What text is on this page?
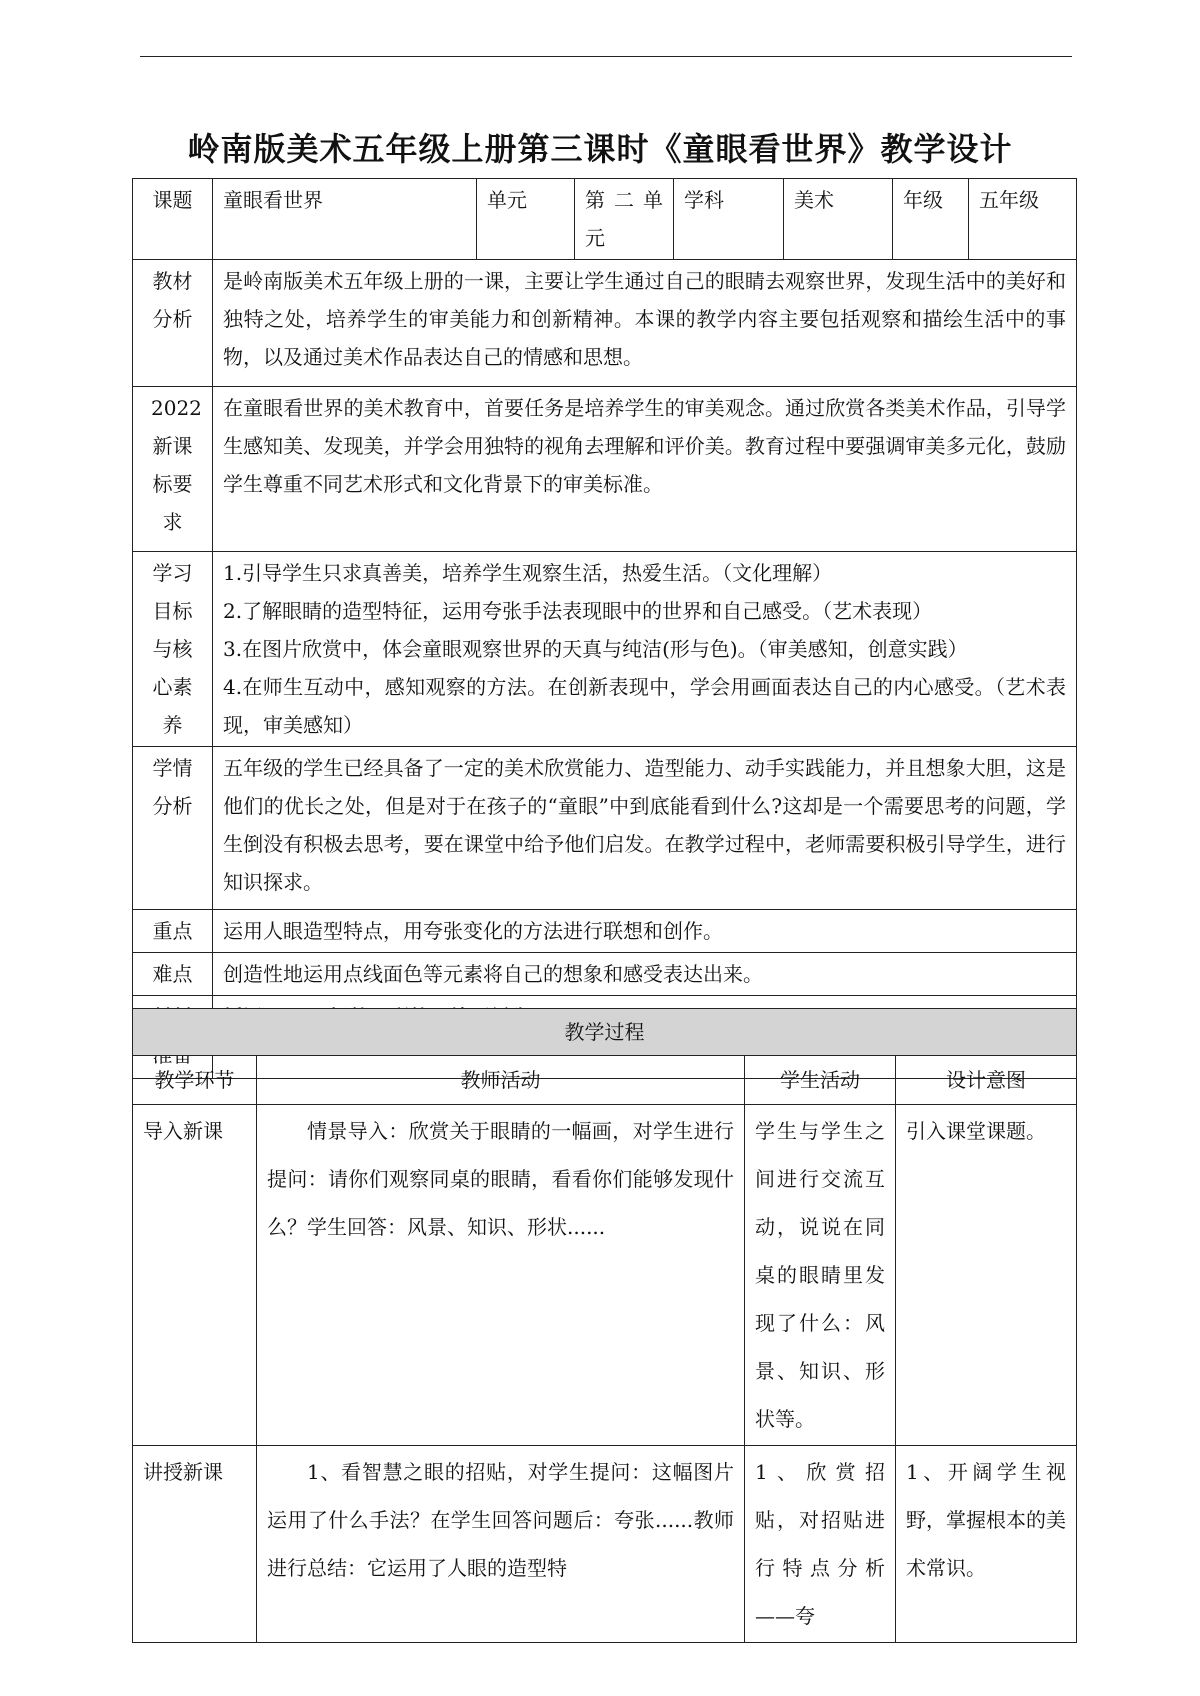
岭南版美术五年级上册第三课时《童眼看世界》教学设计
课题	童眼看世界	单元	第二单元	学科	美术	年级	五年级
教材分析	是岭南版美术五年级上册的一课，主要让学生通过自己的眼睛去观察世界，发现生活中的美好和独特之处，培养学生的审美能力和创新精神。本课的教学内容主要包括观察和描绘生活中的事物，以及通过美术作品表达自己的情感和思想。						
2022新课标要求	在童眼看世界的美术教育中，首要任务是培养学生的审美观念。通过欣赏各类美术作品，引导学生感知美、发现美，并学会用独特的视角去理解和评价美。教育过程中要强调审美多元化，鼓励学生尊重不同艺术形式和文化背景下的审美标准。						
学习目标与核心素养	1.引导学生只求真善美，培养学生观察生活，热爱生活。（文化理解）
2.了解眼睛的造型特征，运用夸张手法表现眼中的世界和自己感受。（艺术表现）
3.在图片欣赏中，体会童眼观察世界的天真与纯洁(形与色)。（审美感知，创意实践）
4.在师生互动中，感知观察的方法。在创新表现中，学会用画面表达自己的内心感受。（艺术表现，审美感知）						

学情分析	五年级的学生已经具备了一定的美术欣赏能力、造型能力、动手实践能力，并且想象大胆，这是他们的优长之处，但是对于在孩子的“童眼”中到底能看到什么?这却是一个需要思考的问题，学生倒没有积极去思考，要在课堂中给予他们启发。在教学过程中，老师需要积极引导学生，进行知识探求。						
重点	运用人眼造型特点，用夸张变化的方法进行联想和创作。						
难点	创造性地运用点线面色等元素将自己的想象和感受表达出来。						

教学过程			
教学环节	教师活动	学生活动	设计意图
导入新课	情景导入：欣赏关于眼睛的一幅画，对学生进行提问：请你们观察同桌的眼睛，看看你们能够发现什么？学生回答：风景、知识、形状......	学生与学生之间进行交流互动，说说在同桌的眼睛里发现了什么：风景、知识、形状等。	引入课堂课题。
讲授新课	1、看智慧之眼的招贴，对学生提问：这幅图片运用了什么手法？在学生回答问题后：夸张......教师进行总结：它运用了人眼的造型特	1、欣赏招贴，对招贴进行特点分析——夸	1、开阔学生视野，掌握根本的美术常识。
